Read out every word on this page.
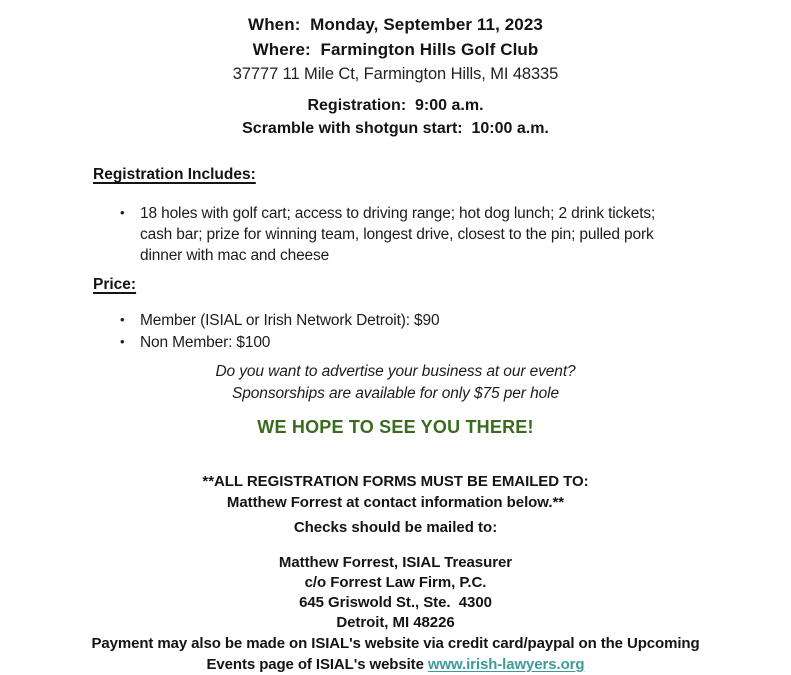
When:  Monday, September 11, 2023
Where:  Farmington Hills Golf Club
37777 11 Mile Ct, Farmington Hills, MI 48335
Registration:  9:00 a.m.
Scramble with shotgun start:  10:00 a.m.
Registration Includes:
• 18 holes with golf cart; access to driving range; hot dog lunch; 2 drink tickets; cash bar; prize for winning team, longest drive, closest to the pin; pulled pork dinner with mac and cheese
Price:
• Member (ISIAL or Irish Network Detroit): $90
• Non Member: $100
Do you want to advertise your business at our event?
Sponsorships are available for only $75 per hole
WE HOPE TO SEE YOU THERE!
**ALL REGISTRATION FORMS MUST BE EMAILED TO:
Matthew Forrest at contact information below.**
Checks should be mailed to:
Matthew Forrest, ISIAL Treasurer
c/o Forrest Law Firm, P.C.
645 Griswold St., Ste.  4300
Detroit, MI 48226
Payment may also be made on ISIAL's website via credit card/paypal on the Upcoming
Events page of ISIAL's website www.irish-lawyers.org
